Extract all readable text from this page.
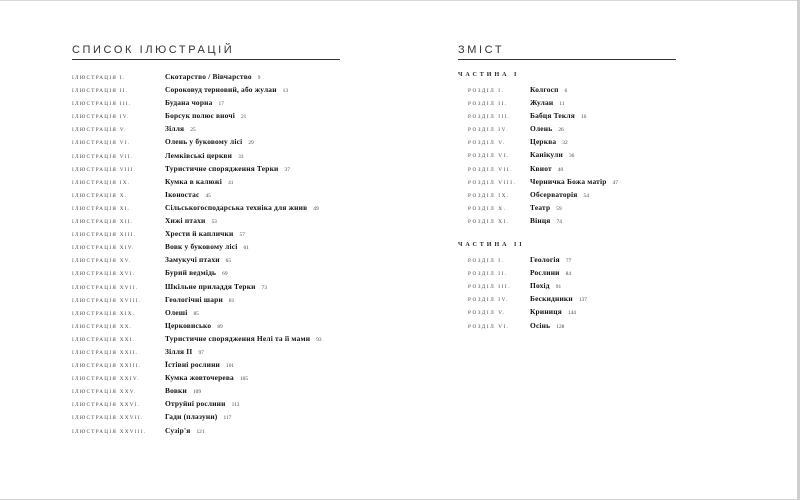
СПИСОК ІЛЮСТРАЦІЙ
ІЛЮСТРАЦІЯ I.	Скотарство / Вівчарство 9
ІЛЮСТРАЦІЯ II.	Сороковуд терновий, або жулан 13
ІЛЮСТРАЦІЯ III.	Будана чорна 17
ІЛЮСТРАЦІЯ IV.	Борсук полює вночі 21
ІЛЮСТРАЦІЯ V.	Зілля 25
ІЛЮСТРАЦІЯ VI.	Олень у буковому лісі 29
ІЛЮСТРАЦІЯ VII.	Лемківські церкви 33
ІЛЮСТРАЦІЯ VIII.	Туристичне спорядження Терки 37
ІЛЮСТРАЦІЯ IX.	Кумка в калюжі 41
ІЛЮСТРАЦІЯ X.	Іконостас 45
ІЛЮСТРАЦІЯ XI.	Сільськогосподарська техніка для жнив 49
ІЛЮСТРАЦІЯ XII.	Хижі птахи 53
ІЛЮСТРАЦІЯ XIII.	Хрести й каплички 57
ІЛЮСТРАЦІЯ XIV.	Вовк у буковому лісі 61
ІЛЮСТРАЦІЯ XV.	Замукучі птахи 65
ІЛЮСТРАЦІЯ XVI.	Бурий ведмідь 69
ІЛЮСТРАЦІЯ XVII.	Шкільне приладдя Терки 73
ІЛЮСТРАЦІЯ XVIII.	Геологічні шари 81
ІЛЮСТРАЦІЯ XIX.	Олеші 85
ІЛЮСТРАЦІЯ XX.	Церковисько 89
ІЛЮСТРАЦІЯ XXI.	Туристичне спорядження Нелі та її мами 93
ІЛЮСТРАЦІЯ XXII.	Зілля II 97
ІЛЮСТРАЦІЯ XXIII.	Їстівні рослини 101
ІЛЮСТРАЦІЯ XXIV.	Кумка жовточерева 105
ІЛЮСТРАЦІЯ XXV.	Вовки 109
ІЛЮСТРАЦІЯ XXVI.	Отруйні рослини 113
ІЛЮСТРАЦІЯ XXVII.	Гади (плазуни) 117
ІЛЮСТРАЦІЯ XXVIII.	Сузір'я 121
ЗМІСТ
ЧАСТИНА I
РОЗДІЛ I.	Колгосп 6
РОЗДІЛ II.	Жулан 11
РОЗДІЛ III.	Бабця Текля 16
РОЗДІЛ IV.	Олень 26
РОЗДІЛ V.	Церква 32
РОЗДІЛ VI.	Канікули 36
РОЗДІЛ VII.	Квиот 40
РОЗДІЛ VIII.	Черничка Божа матір 47
РОЗДІЛ IX.	Обсерваторія 54
РОЗДІЛ X.	Театр 59
РОЗДІЛ XI.	Вінця 74
ЧАСТИНА II
РОЗДІЛ I.	Геологія 77
РОЗДІЛ II.	Рослини 84
РОЗДІЛ III.	Похід 91
РОЗДІЛ IV.	Бескидники 137
РОЗДІЛ V.	Криниця 144
РОЗДІЛ VI.	Осінь 128
